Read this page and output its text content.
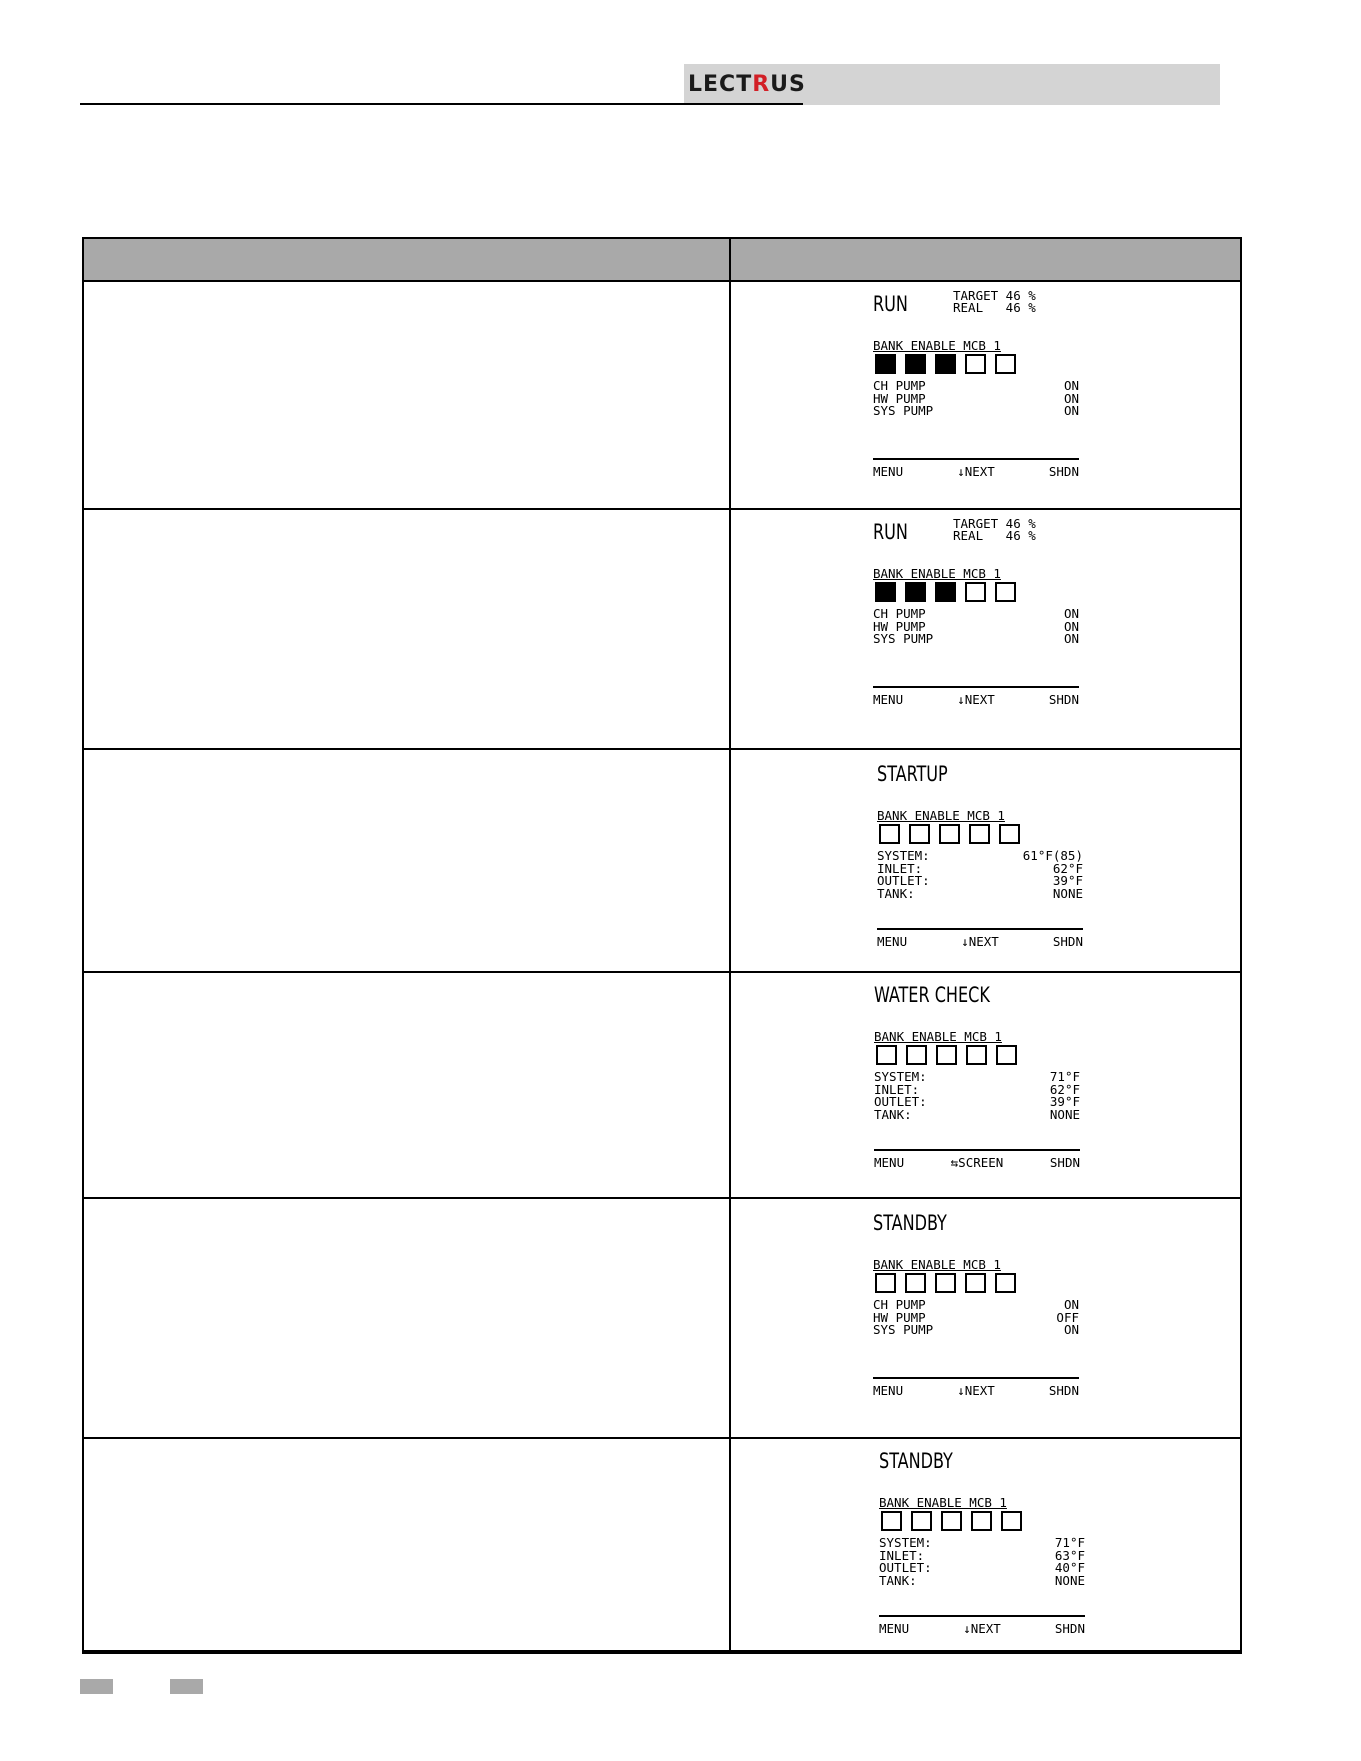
LECTRUS
RUN	TARGET 46 %
REAL   46 %
BANK ENABLE MCB 1
CH PUMP	ON
HW PUMP	ON
SYS PUMP	ON
MENU	↓NEXT	SHDN
RUN	TARGET 46 %
REAL   46 %
BANK ENABLE MCB 1
CH PUMP	ON
HW PUMP	ON
SYS PUMP	ON
MENU	↓NEXT	SHDN
STARTUP
BANK ENABLE MCB 1
SYSTEM:	61°F(85)
INLET:	62°F
OUTLET:	39°F
TANK:	NONE
MENU	↓NEXT	SHDN
WATER CHECK
BANK ENABLE MCB 1
SYSTEM:	71°F
INLET:	62°F
OUTLET:	39°F
TANK:	NONE
MENU	⇆SCREEN	SHDN
STANDBY
BANK ENABLE MCB 1
CH PUMP	ON
HW PUMP	OFF
SYS PUMP	ON
MENU	↓NEXT	SHDN
STANDBY
BANK ENABLE MCB 1
SYSTEM:	71°F
INLET:	63°F
OUTLET:	40°F
TANK:	NONE
MENU	↓NEXT	SHDN
